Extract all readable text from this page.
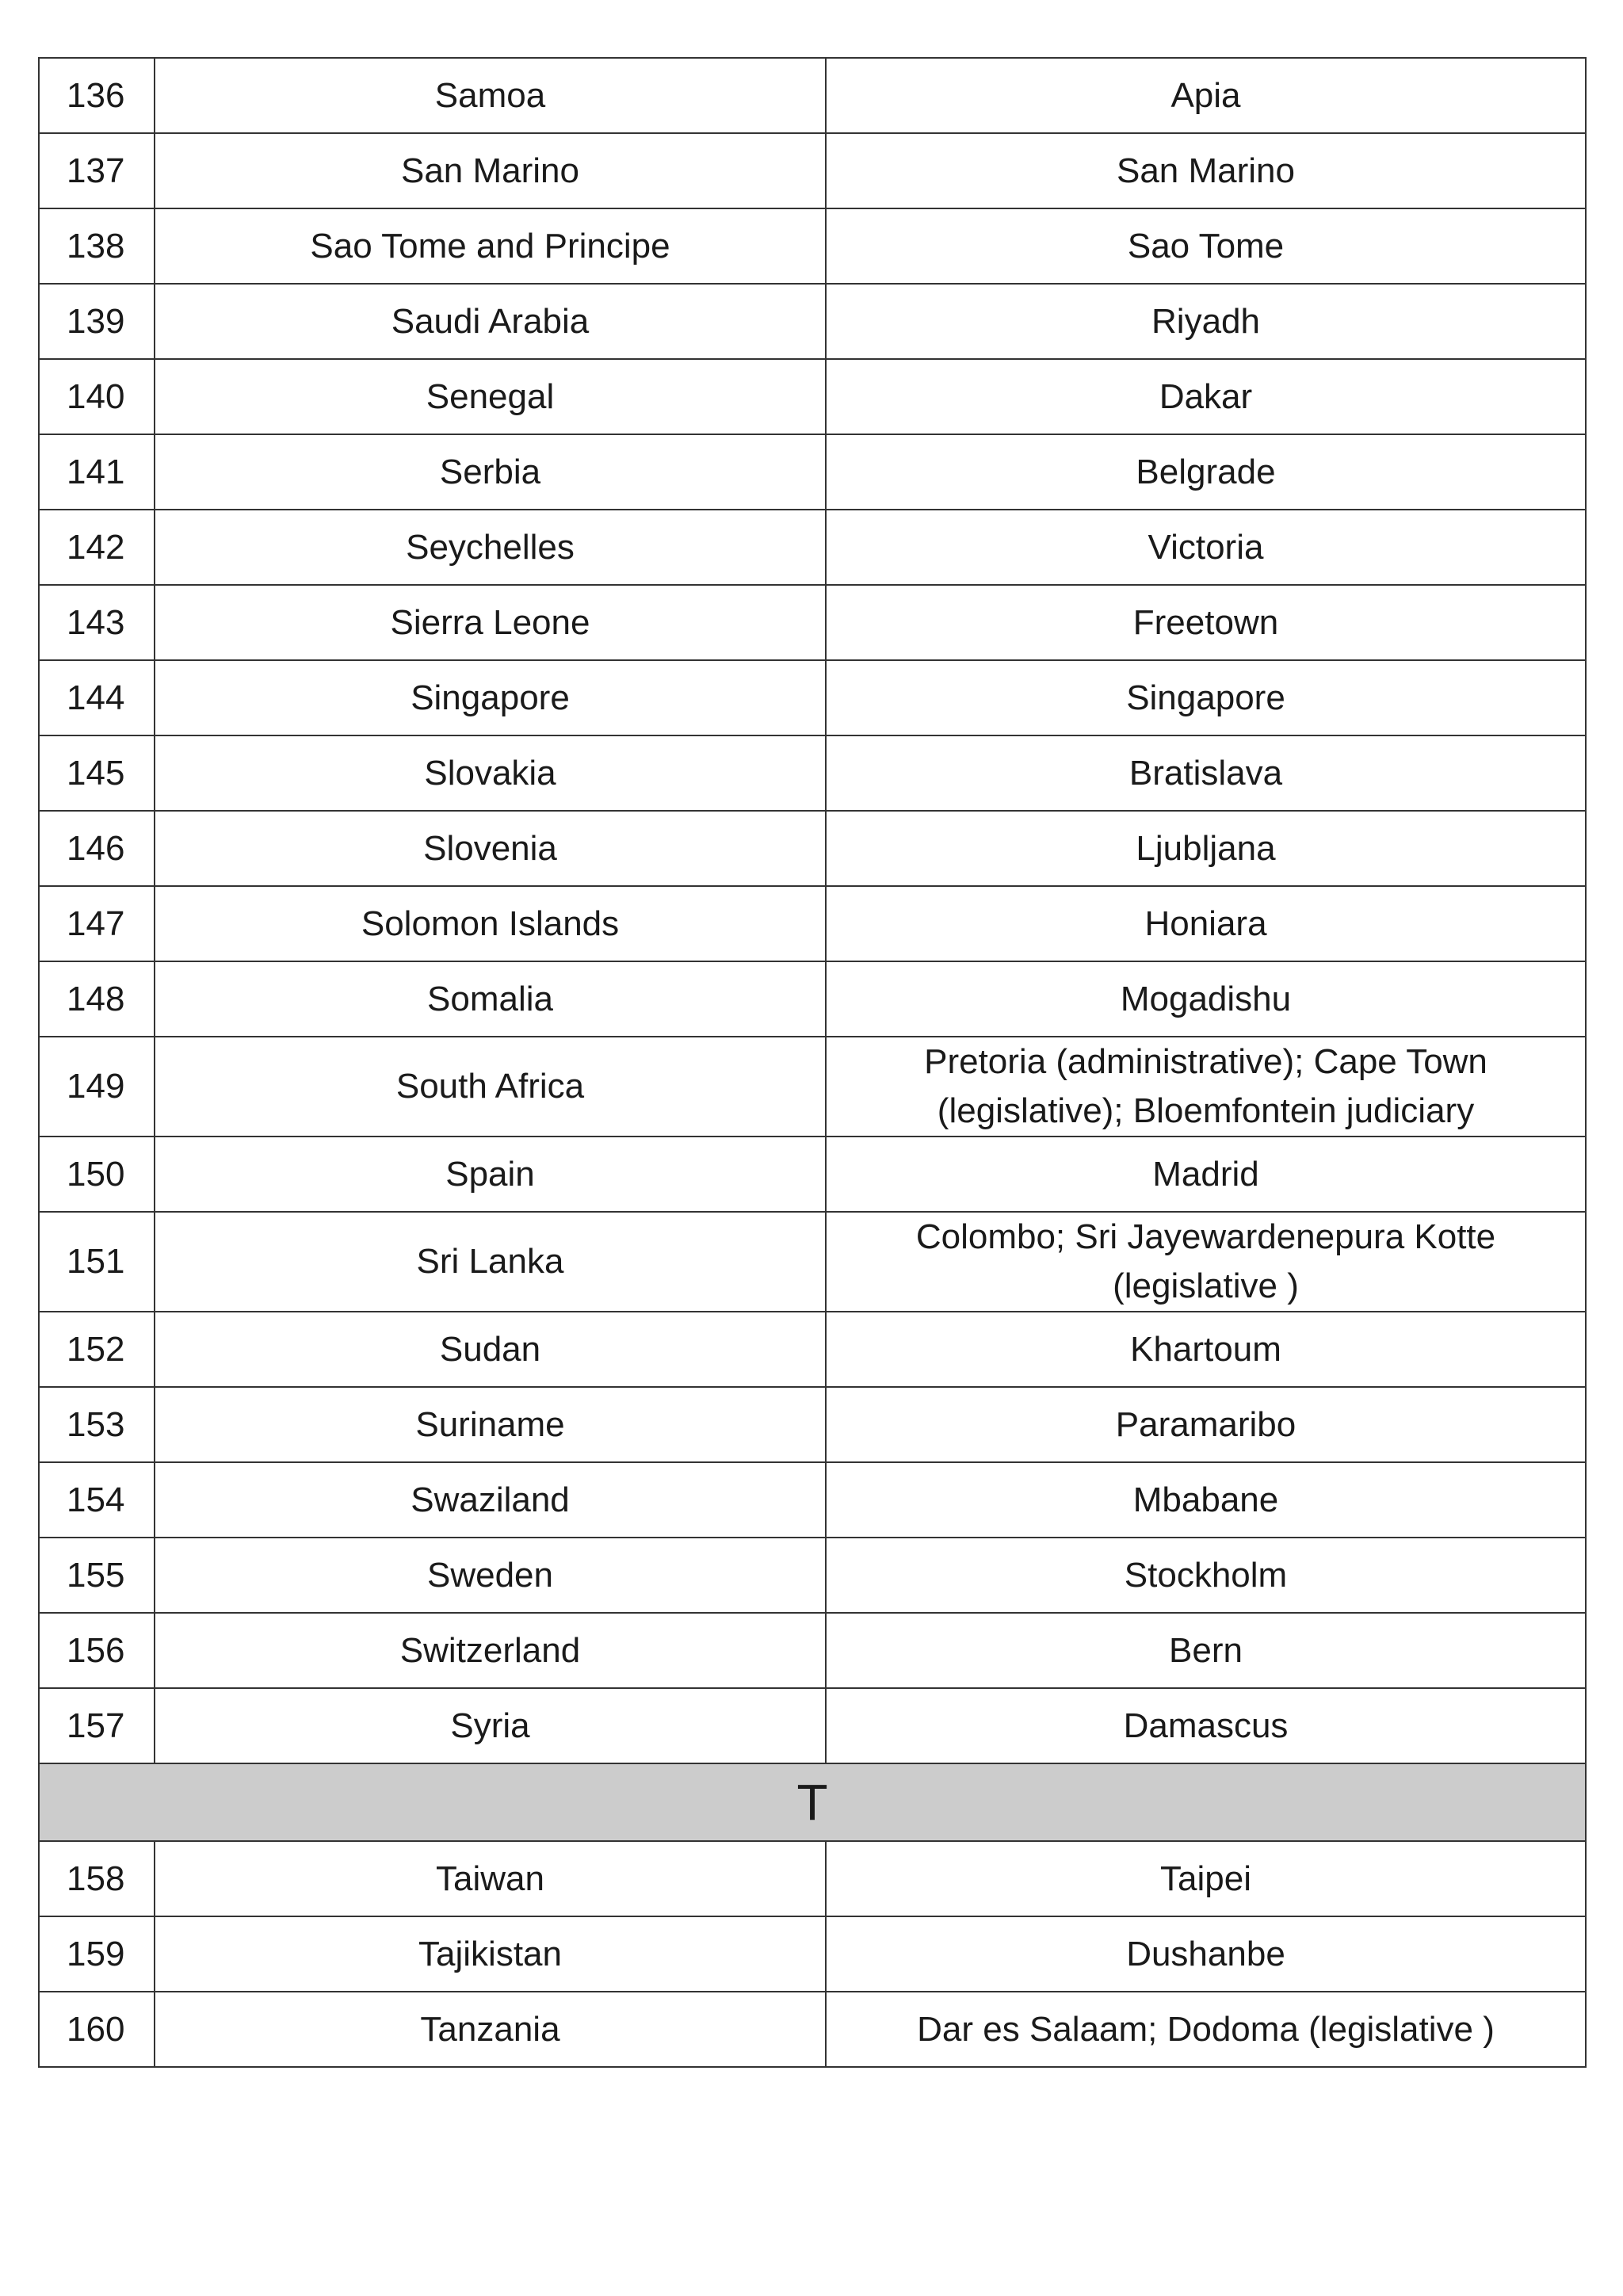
136	Samoa	Apia
137	San Marino	San Marino
138	Sao Tome and Principe	Sao Tome
139	Saudi Arabia	Riyadh
140	Senegal	Dakar
141	Serbia	Belgrade
142	Seychelles	Victoria
143	Sierra Leone	Freetown
144	Singapore	Singapore
145	Slovakia	Bratislava
146	Slovenia	Ljubljana
147	Solomon Islands	Honiara
148	Somalia	Mogadishu
149	South Africa	Pretoria (administrative); Cape Town (legislative); Bloemfontein judiciary
150	Spain	Madrid
151	Sri Lanka	Colombo; Sri Jayewardenepura Kotte (legislative )
152	Sudan	Khartoum
153	Suriname	Paramaribo
154	Swaziland	Mbabane
155	Sweden	Stockholm
156	Switzerland	Bern
157	Syria	Damascus
T		
158	Taiwan	Taipei
159	Tajikistan	Dushanbe
160	Tanzania	Dar es Salaam; Dodoma (legislative )
